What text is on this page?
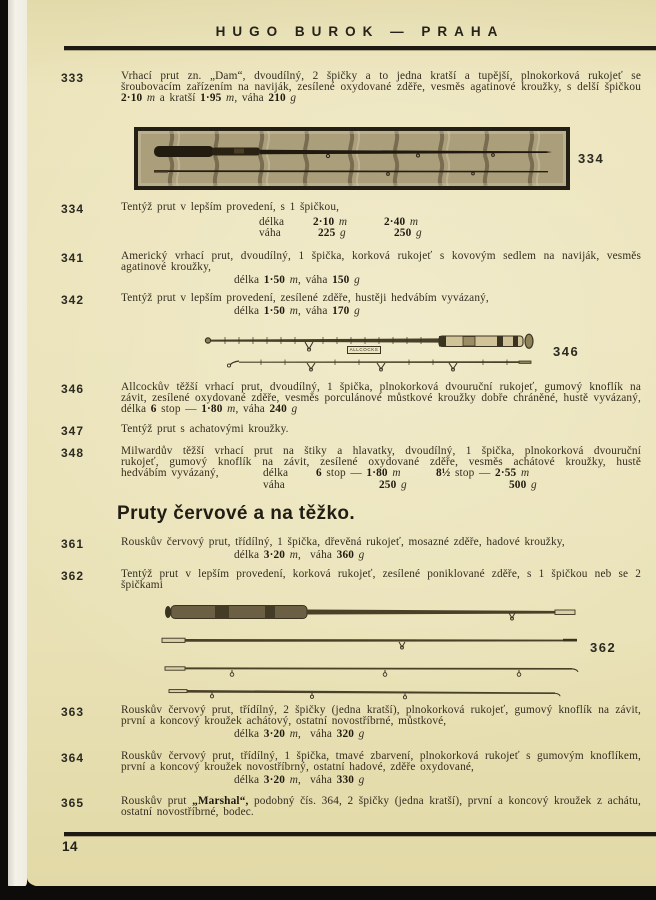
HUGO BUROK — PRAHA
333	Vrhací prut zn. „Dam“, dvoudílný, 2 špičky a to jedna kratší a tupější, plnokorková rukojeť se šroubovacím zařízením na naviják, zesílené oxydované zděře, vesměs agatinové kroužky, s delší špičkou 2·10 m a kratší 1·95 m, váha 210 g
334
334	Tentýž prut v lepším provedení, s 1 špičkou,
délka	2·10 m	2·40 m
váha	225 g	250 g
341	Americký vrhací prut, dvoudílný, 1 špička, korková rukojeť s kovovým sedlem na naviják, vesměs agatinové kroužky,
délka 1·50 m, váha 150 g
342	Tentýž prut v lepším provedení, zesílené zděře, hustěji hedvábím vyvázaný,
délka 1·50 m, váha 170 g
ALLCOCKS	346
346	Allcockův těžší vrhací prut, dvoudílný, 1 špička, plnokorková dvouruční rukojeť, gumový knoflík na závit, zesílené oxydované zděře, vesměs porculánové můstkové kroužky dobře chráněné, hustě vyvázaný, délka 6 stop — 1·80 m, váha 240 g
347	Tentýž prut s achatovými kroužky.
348	Milwardův těžší vrhací prut na štiky a hlavatky, dvoudílný, 1 špička, plnokorková dvouruční
rukojeť, gumový knoflík na závit, zesílené oxydované zděře, vesměs achátové kroužky, hustě
hedvábím vyvázaný,	délka 6 stop — 1·80 m	8½ stop — 2·55 m
váha	250 g	500 g
Pruty červové a na těžko.
361	Rouskův červový prut, třídílný, 1 špička, dřevěná rukojeť, mosazné zděře, hadové kroužky,
délka 3·20 m,  váha 360 g
362	Tentýž prut v lepším provedení, korková rukojeť, zesílené poniklované zděře, s 1 špičkou neb se 2 špičkami
362
363	Rouskův červový prut, třídílný, 2 špičky (jedna kratší), plnokorková rukojeť, gumový knoflík na závit, první a koncový kroužek achátový, ostatní novostříbrné, můstkové,
délka 3·20 m,  váha 320 g
364	Rouskův červový prut, třídílný, 1 špička, tmavé zbarvení, plnokorková rukojeť s gumovým knoflíkem, první a koncový kroužek novostříbrný, ostatní hadové, zděře oxydované,
délka 3·20 m,  váha 330 g
365	Rouskův prut „Marshal“, podobný čís. 364, 2 špičky (jedna kratší), první a koncový kroužek z achátu, ostatní novostříbrné, bodec.
14
